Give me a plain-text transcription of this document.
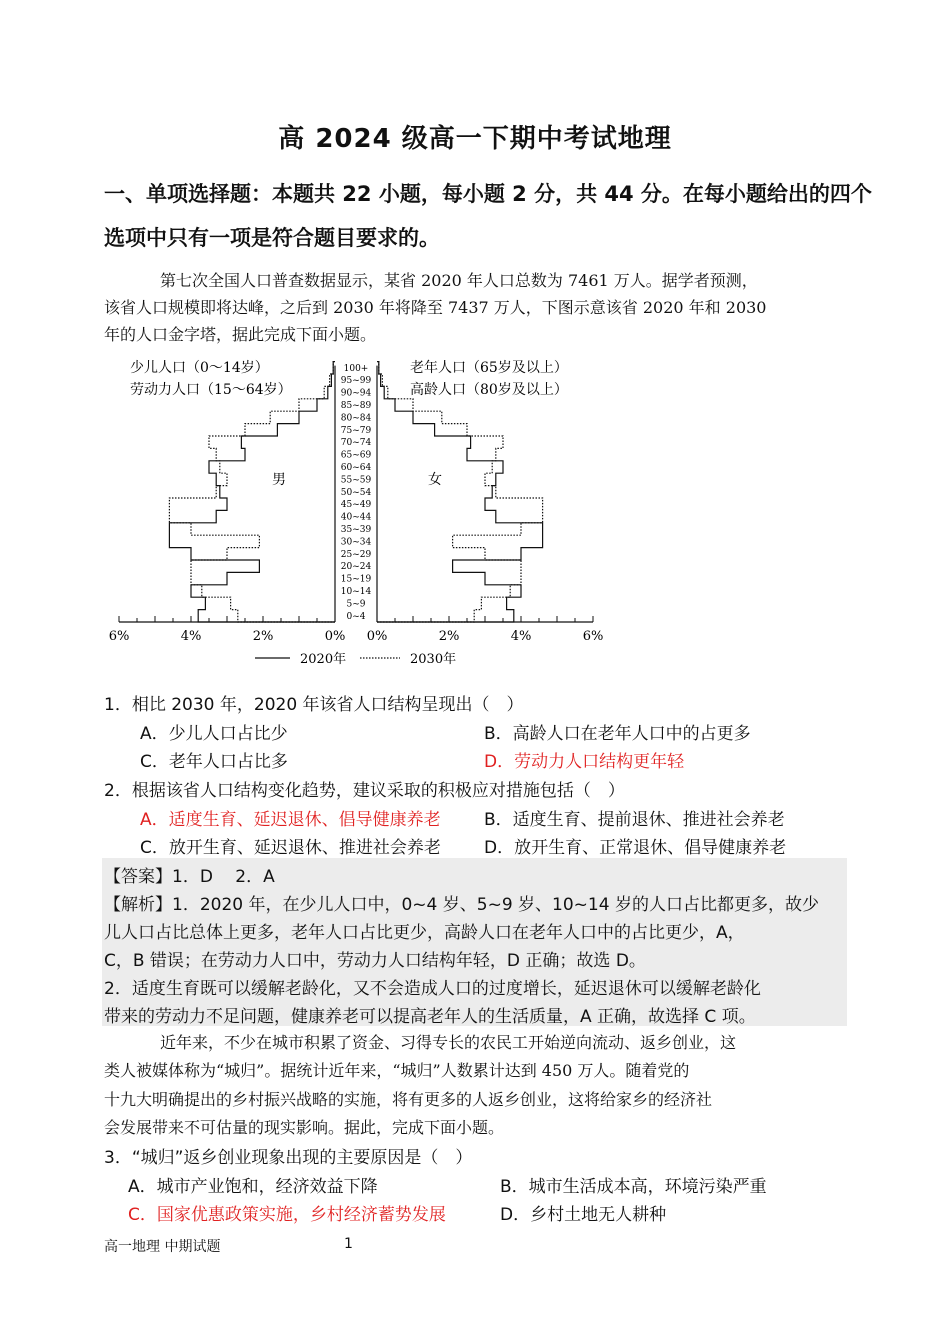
高 2024 级高一下期中考试地理
一、单项选择题：本题共 22 小题，每小题 2 分，共 44 分。在每小题给出的四个
选项中只有一项是符合题目要求的。
第七次全国人口普查数据显示，某省 2020 年人口总数为 7461 万人。据学者预测，
该省人口规模即将达峰，之后到 2030 年将降至 7437 万人，下图示意该省 2020 年和 2030
年的人口金字塔，据此完成下面小题。
少儿人口（0～14岁）
劳动力人口（15～64岁）
老年人口（65岁及以上）
高龄人口（80岁及以上）
男	女
0~4
5~9
10~14
15~19
20~24
25~29
30~34
35~39
40~44
45~49
50~54
55~59
60~64
65~69
70~74
75~79
80~84
85~89
90~94
95~99
100+
6%	4%	2%	0% 0%	2%	4%	6%
2020年	2030年
1．相比 2030 年，2020 年该省人口结构呈现出（　）
A．少儿人口占比少	B．高龄人口在老年人口中的占更多
C．老年人口占比多	D．劳动力人口结构更年轻
2．根据该省人口结构变化趋势，建议采取的积极应对措施包括（　）
A．适度生育、延迟退休、倡导健康养老	B．适度生育、提前退休、推进社会养老
C．放开生育、延迟退休、推进社会养老	D．放开生育、正常退休、倡导健康养老
【答案】1．D　 2．A
【解析】1．2020 年，在少儿人口中，0~4 岁、5~9 岁、10~14 岁的人口占比都更多，故少
儿人口占比总体上更多，老年人口占比更少，高龄人口在老年人口中的占比更少，A，
C，B 错误；在劳动力人口中，劳动力人口结构年轻，D 正确；故选 D。
2．适度生育既可以缓解老龄化，又不会造成人口的过度增长，延迟退休可以缓解老龄化
带来的劳动力不足问题，健康养老可以提高老年人的生活质量，A 正确，故选择 C 项。
近年来，不少在城市积累了资金、习得专长的农民工开始逆向流动、返乡创业，这
类人被媒体称为“城归”。据统计近年来，“城归”人数累计达到 450 万人。随着党的
十九大明确提出的乡村振兴战略的实施，将有更多的人返乡创业，这将给家乡的经济社
会发展带来不可估量的现实影响。据此，完成下面小题。
3．“城归”返乡创业现象出现的主要原因是（　）
A．城市产业饱和，经济效益下降	B．城市生活成本高，环境污染严重
C．国家优惠政策实施，乡村经济蓄势发展	D．乡村土地无人耕种
高一地理 中期试题	1
